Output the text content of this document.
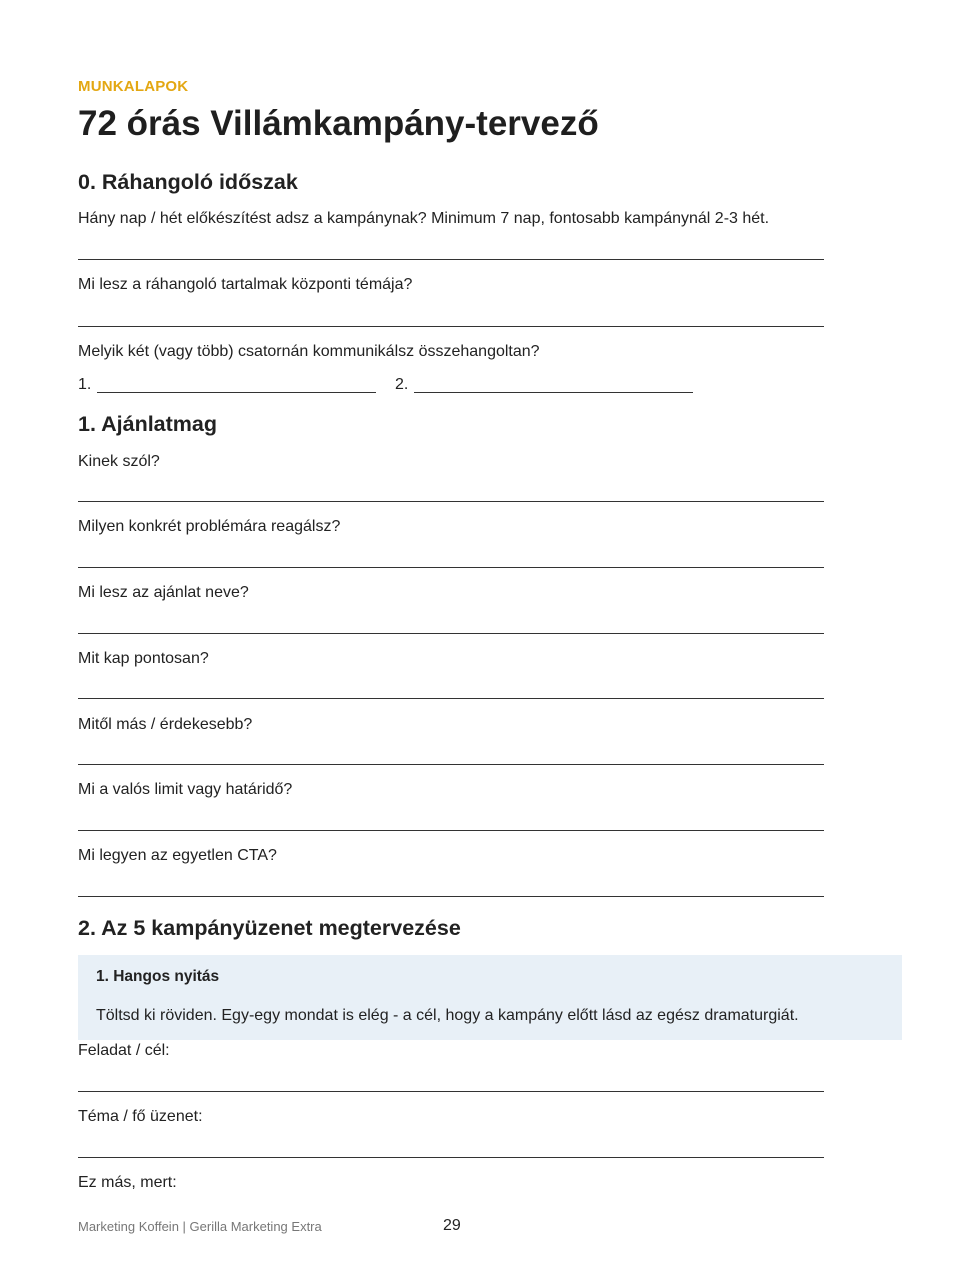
MUNKALAPOK
72 órás Villámkampány-tervező
0. Ráhangoló időszak
Hány nap / hét előkészítést adsz a kampánynak? Minimum 7 nap, fontosabb kampánynál 2-3 hét.
Mi lesz a ráhangoló tartalmak központi témája?
Melyik két (vagy több) csatornán kommunikálsz összehangoltan?
1.	2.
1. Ajánlatmag
Kinek szól?
Milyen konkrét problémára reagálsz?
Mi lesz az ajánlat neve?
Mit kap pontosan?
Mitől más / érdekesebb?
Mi a valós limit vagy határidő?
Mi legyen az egyetlen CTA?
2. Az 5 kampányüzenet megtervezése
1. Hangos nyitás
Töltsd ki röviden. Egy-egy mondat is elég - a cél, hogy a kampány előtt lásd az egész dramaturgiát.
Feladat / cél:
Téma / fő üzenet:
Ez más, mert:
Marketing Koffein | Gerilla Marketing Extra	29
